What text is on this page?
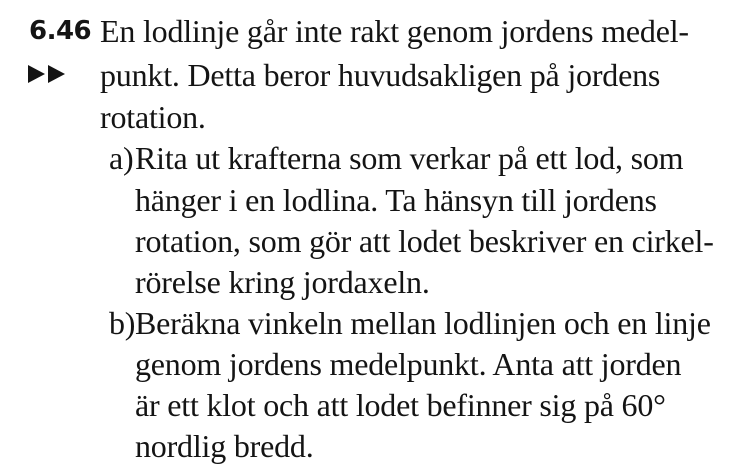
6.46 En lodlinje går inte rakt genom jordens medel-
punkt. Detta beror huvudsakligen på jordens
rotation.
a)Rita ut krafterna som verkar på ett lod, som
hänger i en lodlina. Ta hänsyn till jordens
rotation, som gör att lodet beskriver en cirkel-
rörelse kring jordaxeln.
b)Beräkna vinkeln mellan lodlinjen och en linje
genom jordens medelpunkt. Anta att jorden
är ett klot och att lodet befinner sig på 60°
nordlig bredd.
